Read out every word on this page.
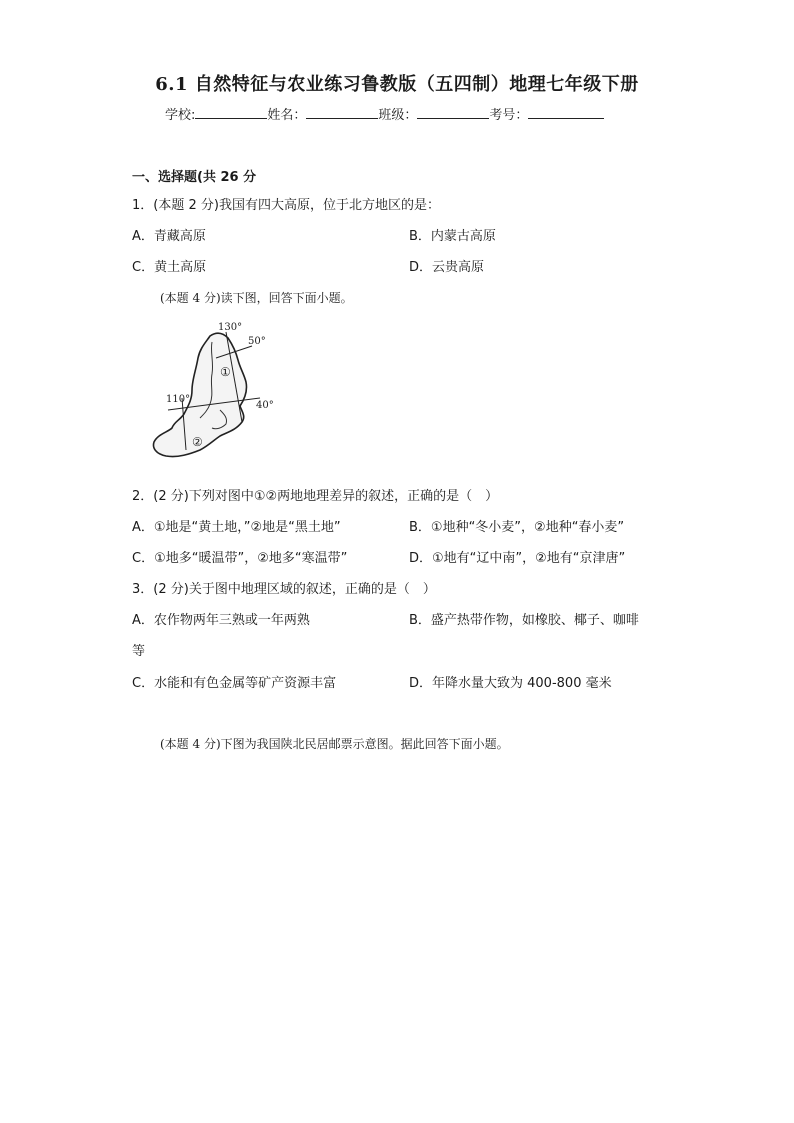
6.1 自然特征与农业练习鲁教版（五四制）地理七年级下册
学校:	姓名：	班级：	考号：
一、选择题(共 26 分
1．(本题 2 分)我国有四大高原，位于北方地区的是：
A．青藏高原	B．内蒙古高原
C．黄土高原	D．云贵高原
(本题 4 分)读下图，回答下面小题。
130°
50°
110°
40°
①
②
2．(2 分)下列对图中①②两地地理差异的叙述，正确的是（　）
A．①地是“黄土地，”②地是“黑土地”	B．①地种“冬小麦”，②地种“春小麦”
C．①地多“暖温带”，②地多“寒温带”	D．①地有“辽中南”，②地有“京津唐”
3．(2 分)关于图中地理区域的叙述，正确的是（　）
A．农作物两年三熟或一年两熟	B．盛产热带作物，如橡胶、椰子、咖啡
等
C．水能和有色金属等矿产资源丰富	D．年降水量大致为 400-800 毫米
(本题 4 分)下图为我国陕北民居邮票示意图。据此回答下面小题。
